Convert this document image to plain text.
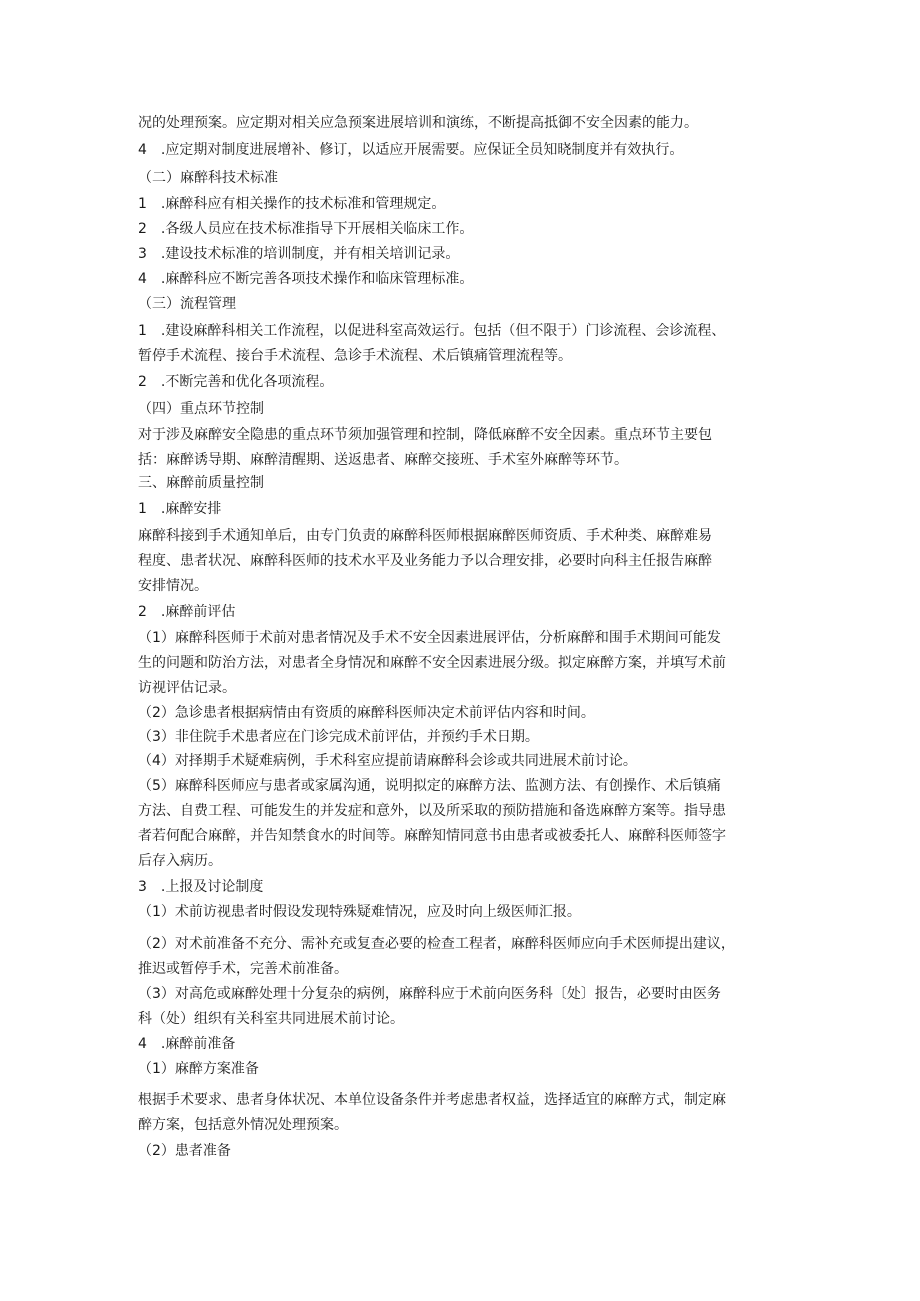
况的处理预案。应定期对相关应急预案进展培训和演练，不断提高抵御不安全因素的能力。
4　.应定期对制度进展增补、修订，以适应开展需要。应保证全员知晓制度并有效执行。
（二）麻醉科技术标准
1　.麻醉科应有相关操作的技术标准和管理规定。
2　.各级人员应在技术标准指导下开展相关临床工作。
3　.建设技术标准的培训制度，并有相关培训记录。
4　.麻醉科应不断完善各项技术操作和临床管理标准。
（三）流程管理
1　.建设麻醉科相关工作流程，以促进科室高效运行。包括（但不限于）门诊流程、会诊流程、
暂停手术流程、接台手术流程、急诊手术流程、术后镇痛管理流程等。
2　.不断完善和优化各项流程。
（四）重点环节控制
对于涉及麻醉安全隐患的重点环节须加强管理和控制，降低麻醉不安全因素。重点环节主要包
括：麻醉诱导期、麻醉清醒期、送返患者、麻醉交接班、手术室外麻醉等环节。
三、麻醉前质量控制
1　.麻醉安排
麻醉科接到手术通知单后，由专门负责的麻醉科医师根据麻醉医师资质、手术种类、麻醉难易
程度、患者状况、麻醉科医师的技术水平及业务能力予以合理安排，必要时向科主任报告麻醉
安排情况。
2　.麻醉前评估
（1）麻醉科医师于术前对患者情况及手术不安全因素进展评估，分析麻醉和围手术期间可能发
生的问题和防治方法，对患者全身情况和麻醉不安全因素进展分级。拟定麻醉方案，并填写术前
访视评估记录。
（2）急诊患者根据病情由有资质的麻醉科医师决定术前评估内容和时间。
（3）非住院手术患者应在门诊完成术前评估，并预约手术日期。
（4）对择期手术疑难病例，手术科室应提前请麻醉科会诊或共同进展术前讨论。
（5）麻醉科医师应与患者或家属沟通，说明拟定的麻醉方法、监测方法、有创操作、术后镇痛
方法、自费工程、可能发生的并发症和意外，以及所采取的预防措施和备选麻醉方案等。指导患
者若何配合麻醉，并告知禁食水的时间等。麻醉知情同意书由患者或被委托人、麻醉科医师签字
后存入病历。
3　.上报及讨论制度
（1）术前访视患者时假设发现特殊疑难情况，应及时向上级医师汇报。
（2）对术前准备不充分、需补充或复查必要的检查工程者，麻醉科医师应向手术医师提出建议，
推迟或暂停手术，完善术前准备。
（3）对高危或麻醉处理十分复杂的病例，麻醉科应于术前向医务科〔处〕报告，必要时由医务
科（处）组织有关科室共同进展术前讨论。
4　.麻醉前准备
（1）麻醉方案准备
根据手术要求、患者身体状况、本单位设备条件并考虑患者权益，选择适宜的麻醉方式，制定麻
醉方案，包括意外情况处理预案。
（2）患者准备
